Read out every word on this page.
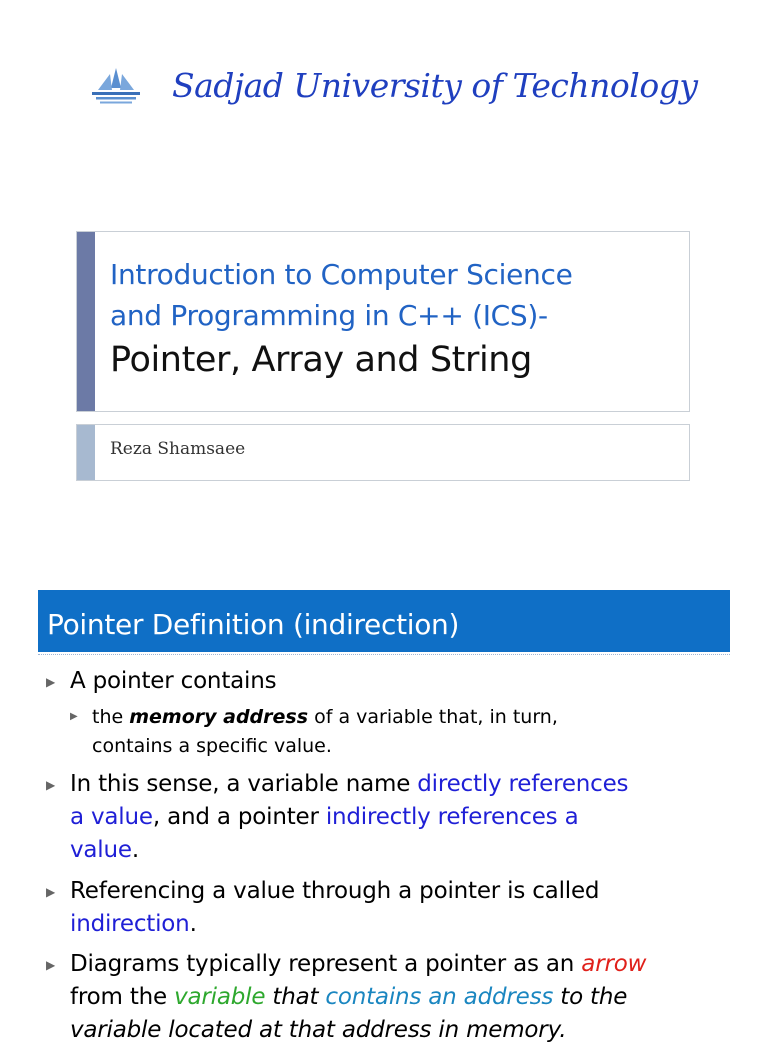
Sadjad University of Technology
Introduction to Computer Science
and Programming in C++ (ICS)-
Pointer, Array and String
Reza Shamsaee
Pointer Definition (indirection)
▶ A pointer contains
▶ the memory address of a variable that, in turn,
contains a specific value.
▶ In this sense, a variable name directly references
a value, and a pointer indirectly references a
value.
▶ Referencing a value through a pointer is called
indirection.
▶ Diagrams typically represent a pointer as an arrow
from the variable that contains an address to the
variable located at that address in memory.
